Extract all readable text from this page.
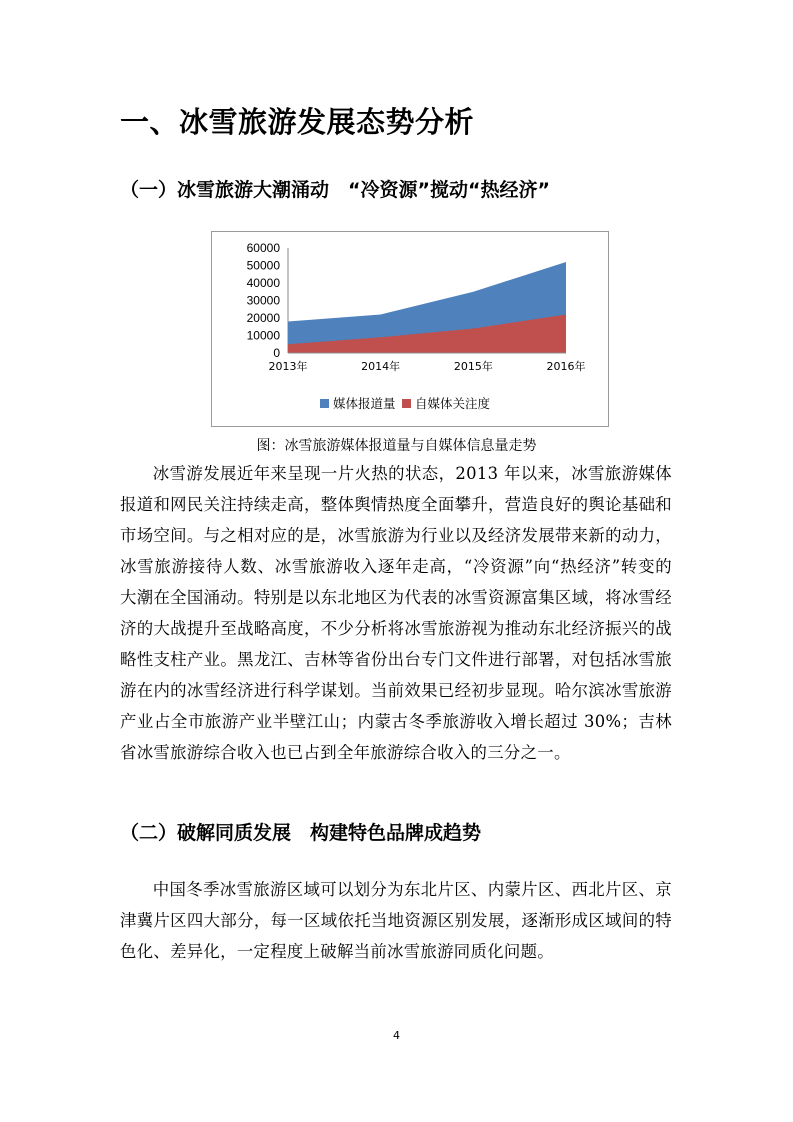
一、冰雪旅游发展态势分析
（一）冰雪旅游大潮涌动　“冷资源”搅动“热经济”
60000
50000
40000
30000
20000
10000
0
2013年	2014年	2015年	2016年
媒体报道量 自媒体关注度
图：冰雪旅游媒体报道量与自媒体信息量走势

冰雪游发展近年来呈现一片火热的状态，2013 年以来，冰雪旅游媒体报道和网民关注持续走高，整体舆情热度全面攀升，营造良好的舆论基础和市场空间。与之相对应的是，冰雪旅游为行业以及经济发展带来新的动力，冰雪旅游接待人数、冰雪旅游收入逐年走高，“冷资源”向“热经济”转变的大潮在全国涌动。特别是以东北地区为代表的冰雪资源富集区域，将冰雪经济的大战提升至战略高度，不少分析将冰雪旅游视为推动东北经济振兴的战略性支柱产业。黑龙江、吉林等省份出台专门文件进行部署，对包括冰雪旅游在内的冰雪经济进行科学谋划。当前效果已经初步显现。哈尔滨冰雪旅游产业占全市旅游产业半壁江山；内蒙古冬季旅游收入增长超过 30%；吉林省冰雪旅游综合收入也已占到全年旅游综合收入的三分之一。

（二）破解同质发展　构建特色品牌成趋势

中国冬季冰雪旅游区域可以划分为东北片区、内蒙片区、西北片区、京津冀片区四大部分，每一区域依托当地资源区别发展，逐渐形成区域间的特色化、差异化，一定程度上破解当前冰雪旅游同质化问题。

4
